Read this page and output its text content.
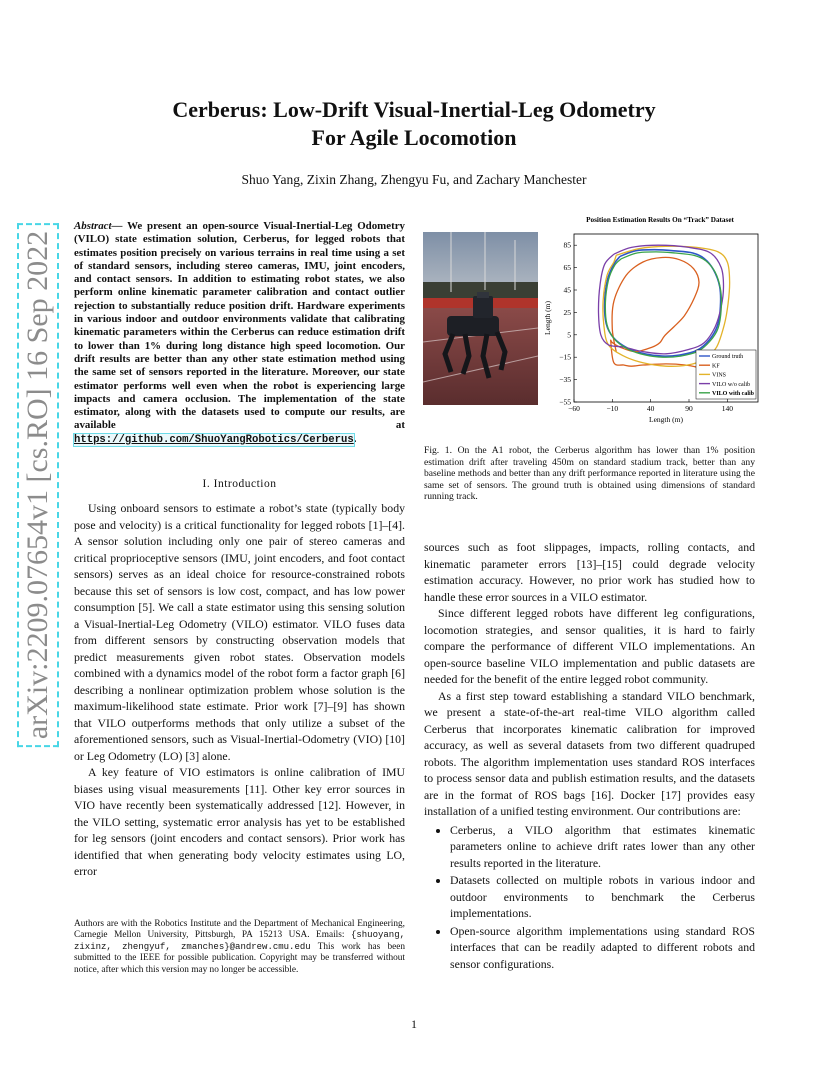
arXiv:2209.07654v1 [cs.RO] 16 Sep 2022
Cerberus: Low-Drift Visual-Inertial-Leg Odometry
For Agile Locomotion
Shuo Yang, Zixin Zhang, Zhengyu Fu, and Zachary Manchester
Abstract— We present an open-source Visual-Inertial-Leg Odometry (VILO) state estimation solution, Cerberus, for legged robots that estimates position precisely on various terrains in real time using a set of standard sensors, including stereo cameras, IMU, joint encoders, and contact sensors. In addition to estimating robot states, we also perform online kinematic parameter calibration and contact outlier rejection to substantially reduce position drift. Hardware experiments in various indoor and outdoor environments validate that calibrating kinematic parameters within the Cerberus can reduce estimation drift to lower than 1% during long distance high speed locomotion. Our drift results are better than any other state estimation method using the same set of sensors reported in the literature. Moreover, our state estimator performs well even when the robot is experiencing large impacts and camera occlusion. The implementation of the state estimator, along with the datasets used to compute our results, are available at https://github.com/ShuoYangRobotics/Cerberus.
I. Introduction

Using onboard sensors to estimate a robot’s state (typically body pose and velocity) is a critical functionality for legged robots [1]–[4]. A sensor solution including only one pair of stereo cameras and critical proprioceptive sensors (IMU, joint encoders, and foot contact sensors) serves as an ideal choice for resource-constrained robots because this set of sensors is low cost, compact, and has low power consumption [5]. We call a state estimator using this sensing solution a Visual-Inertial-Leg Odometry (VILO) estimator. VILO fuses data from different sensors by constructing observation models that predict measurements given robot states. Observation models combined with a dynamics model of the robot form a factor graph [6] describing a nonlinear optimization problem whose solution is the maximum-likelihood state estimate. Prior work [7]–[9] has shown that VILO outperforms methods that only utilize a subset of the aforementioned sensors, such as Visual-Inertial-Odometry (VIO) [10] or Leg Odometry (LO) [3] alone.

A key feature of VIO estimators is online calibration of IMU biases using visual measurements [11]. Other key error sources in VIO have recently been systematically addressed [12]. However, in the VILO setting, systematic error analysis has yet to be established for leg sensors (joint encoders and contact sensors). Prior work has identified that when generating body velocity estimates using LO, error

Authors are with the Robotics Institute and the Department of Mechanical Engineering, Carnegie Mellon University, Pittsburgh, PA 15213 USA. Emails: {shuoyang, zixinz, zhengyuf, zmanches}@andrew.cmu.edu This work has been submitted to the IEEE for possible publication. Copyright may be transferred without notice, after which this version may no longer be accessible.
Position Estimation Results On “Track” Dataset
−60	−10	40	90	140
85
65
45
25
5
−15
−35
−55
Length (m)
Length (m)
Ground truth
KF
VINS
VILO w/o calib
VILO with calib
Fig. 1. On the A1 robot, the Cerberus algorithm has lower than 1% position estimation drift after traveling 450m on standard stadium track, better than any baseline methods and better than any drift performance reported in literature using the same set of sensors. The ground truth is obtained using dimensions of standard running track.

sources such as foot slippages, impacts, rolling contacts, and kinematic parameter errors [13]–[15] could degrade velocity estimation accuracy. However, no prior work has studied how to handle these error sources in a VILO estimator.

Since different legged robots have different leg configurations, locomotion strategies, and sensor qualities, it is hard to fairly compare the performance of different VILO implementations. An open-source baseline VILO implementation and public datasets are needed for the benefit of the entire legged robot community.

As a first step toward establishing a standard VILO benchmark, we present a state-of-the-art real-time VILO algorithm called Cerberus that incorporates kinematic calibration for improved accuracy, as well as several datasets from two different quadruped robots. The algorithm implementation uses standard ROS interfaces to process sensor data and publish estimation results, and the datasets are in the format of ROS bags [16]. Docker [17] provides easy installation of a unified testing environment. Our contributions are:

• Cerberus, a VILO algorithm that estimates kinematic parameters online to achieve drift rates lower than any other results reported in the literature.
• Datasets collected on multiple robots in various indoor and outdoor environments to benchmark the Cerberus implementations.
• Open-source algorithm implementations using standard ROS interfaces that can be readily adapted to different robots and sensor configurations.
1
